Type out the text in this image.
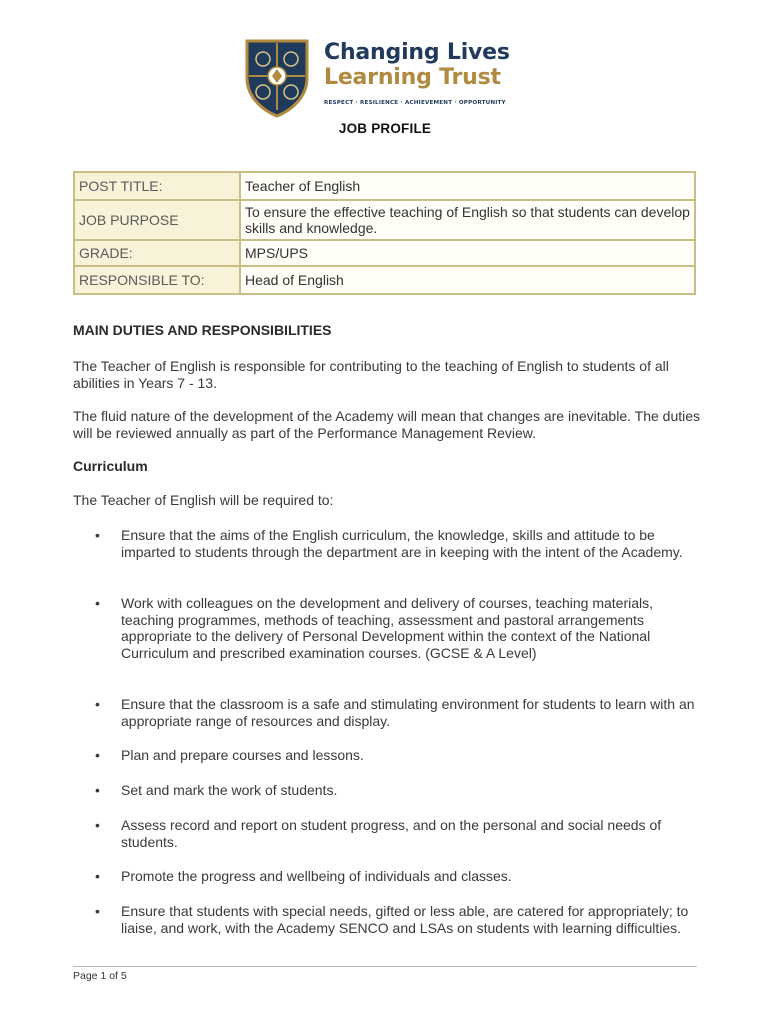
Changing Lives
Learning Trust
RESPECT · RESILIENCE · ACHIEVEMENT · OPPORTUNITY
JOB PROFILE
POST TITLE:	Teacher of English
JOB PURPOSE	To ensure the effective teaching of English so that students can develop skills and knowledge.
GRADE:	MPS/UPS
RESPONSIBLE TO:	Head of English
MAIN DUTIES AND RESPONSIBILITIES

The Teacher of English is responsible for contributing to the teaching of English to students of all abilities in Years 7 - 13.

The fluid nature of the development of the Academy will mean that changes are inevitable. The duties will be reviewed annually as part of the Performance Management Review.

Curriculum

The Teacher of English will be required to:

• Ensure that the aims of the English curriculum, the knowledge, skills and attitude to be imparted to students through the department are in keeping with the intent of the Academy.
• Work with colleagues on the development and delivery of courses, teaching materials, teaching programmes, methods of teaching, assessment and pastoral arrangements appropriate to the delivery of Personal Development within the context of the National Curriculum and prescribed examination courses. (GCSE & A Level)
• Ensure that the classroom is a safe and stimulating environment for students to learn with an appropriate range of resources and display.
• Plan and prepare courses and lessons.
• Set and mark the work of students.
• Assess record and report on student progress, and on the personal and social needs of students.
• Promote the progress and wellbeing of individuals and classes.
• Ensure that students with special needs, gifted or less able, are catered for appropriately; to liaise, and work, with the Academy SENCO and LSAs on students with learning difficulties.
Page 1 of 5
